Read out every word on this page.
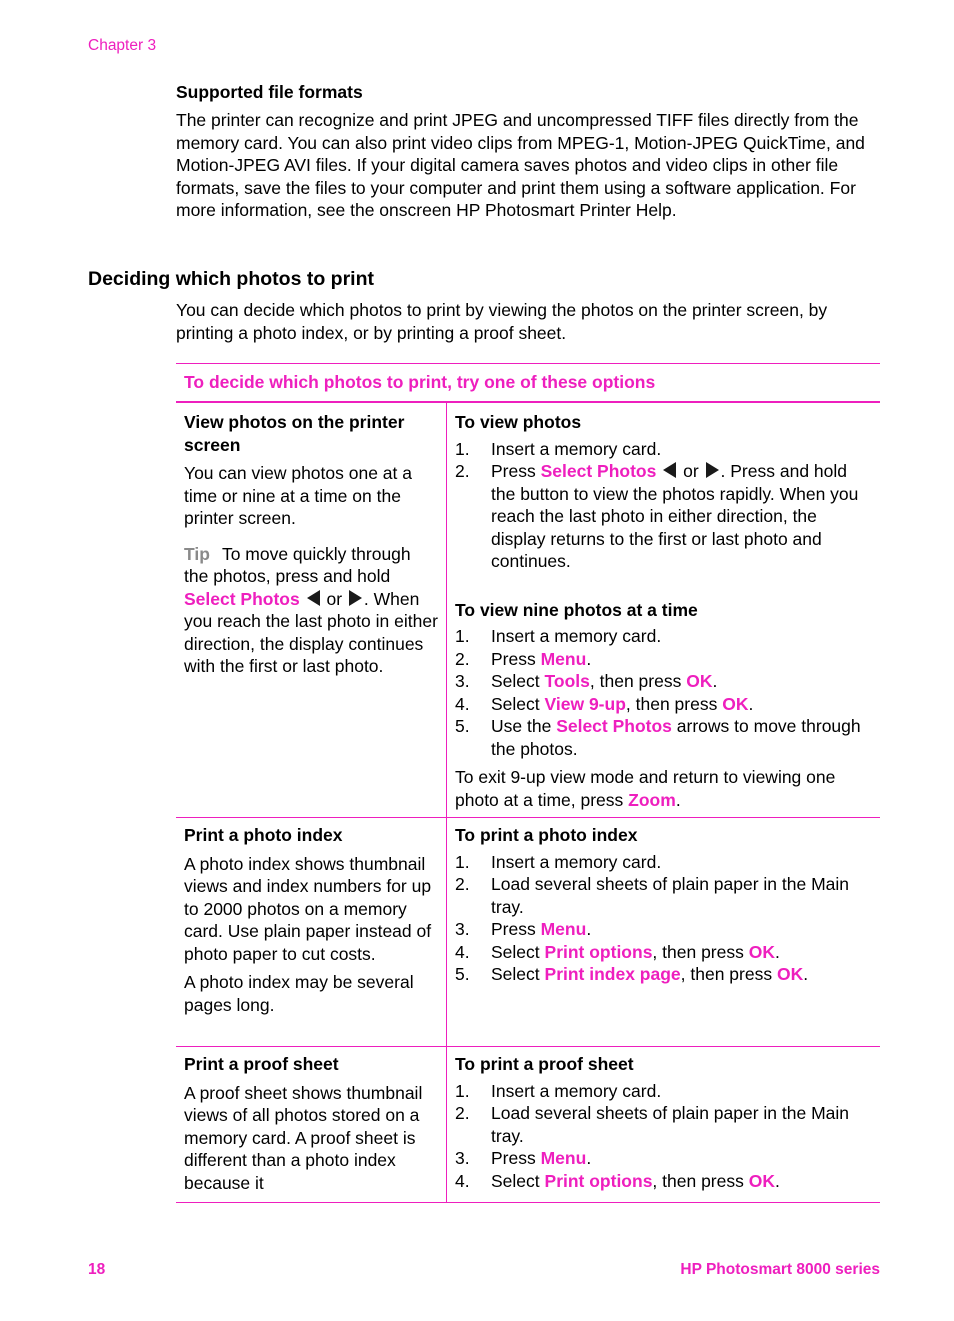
Chapter 3
Supported file formats
The printer can recognize and print JPEG and uncompressed TIFF files directly from the memory card. You can also print video clips from MPEG-1, Motion-JPEG QuickTime, and Motion-JPEG AVI files. If your digital camera saves photos and video clips in other file formats, save the files to your computer and print them using a software application. For more information, see the onscreen HP Photosmart Printer Help.
Deciding which photos to print
You can decide which photos to print by viewing the photos on the printer screen, by printing a photo index, or by printing a proof sheet.
To decide which photos to print, try one of these options

View photos on the printer screen

You can view photos one at a time or nine at a time on the printer screen.

Tip To move quickly through the photos, press and hold Select Photos or . When you reach the last photo in either direction, the display continues with the first or last photo.

To view photos

1. Insert a memory card.
2. Press Select Photos or . Press and hold the button to view the photos rapidly. When you reach the last photo in either direction, the display returns to the first or last photo and continues.

To view nine photos at a time

1. Insert a memory card.
2. Press Menu.
3. Select Tools, then press OK.
4. Select View 9-up, then press OK.
5. Use the Select Photos arrows to move through the photos.

To exit 9-up view mode and return to viewing one photo at a time, press Zoom.

Print a photo index

A photo index shows thumbnail views and index numbers for up to 2000 photos on a memory card. Use plain paper instead of photo paper to cut costs.

A photo index may be several pages long.

To print a photo index

1. Insert a memory card.
2. Load several sheets of plain paper in the Main tray.
3. Press Menu.
4. Select Print options, then press OK.
5. Select Print index page, then press OK.

Print a proof sheet

A proof sheet shows thumbnail views of all photos stored on a memory card. A proof sheet is different than a photo index because it

To print a proof sheet

1. Insert a memory card.
2. Load several sheets of plain paper in the Main tray.
3. Press Menu.
4. Select Print options, then press OK.
18	HP Photosmart 8000 series
